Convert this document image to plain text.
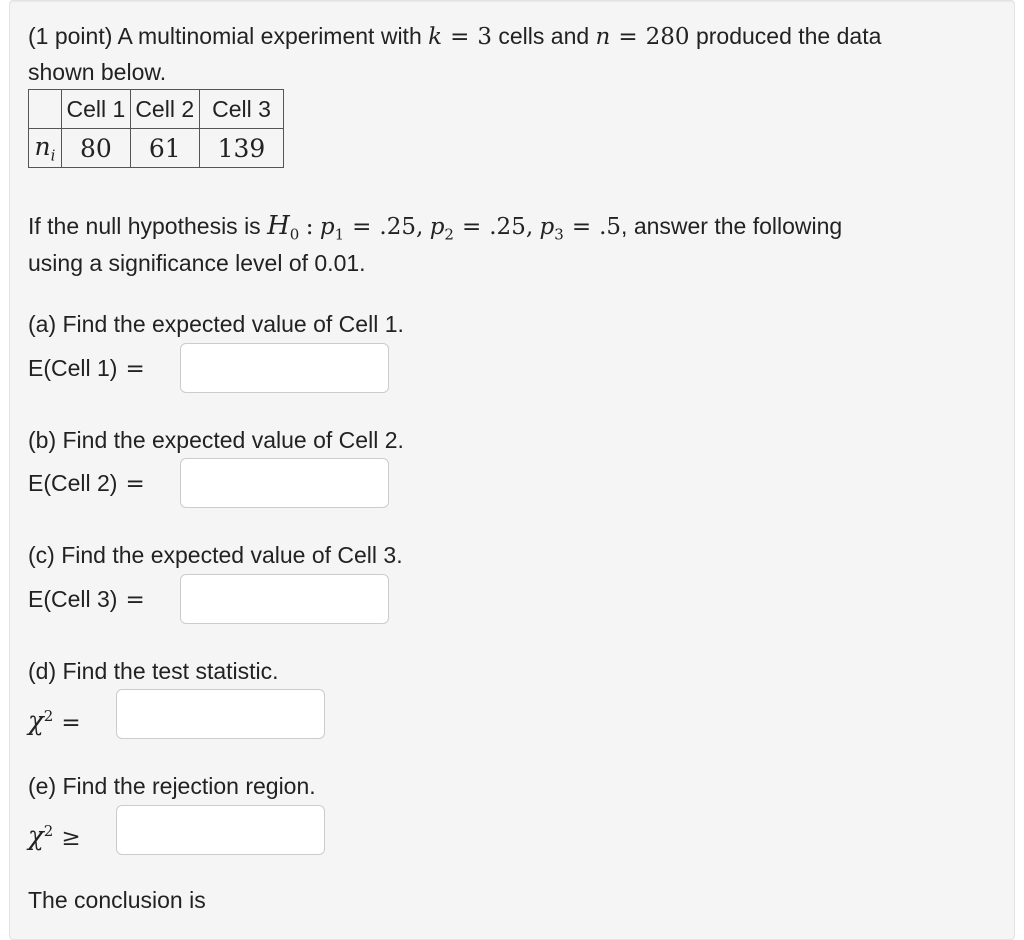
(1 point) A multinomial experiment with k = 3 cells and n = 280 produced the data
shown below.
	Cell 1	Cell 2	Cell 3
$n_i$	80	61	139
If the null hypothesis is $H_0$ : $p_1 = .25$, $p_2 = .25$, $p_3 = .5$, answer the following
using a significance level of 0.01.
(a) Find the expected value of Cell 1.
E(Cell 1) =
(b) Find the expected value of Cell 2.
E(Cell 2) =
(c) Find the expected value of Cell 3.
E(Cell 3) =
(d) Find the test statistic.
$\chi^2$ =
(e) Find the rejection region.
$\chi^2$ ≥
The conclusion is
